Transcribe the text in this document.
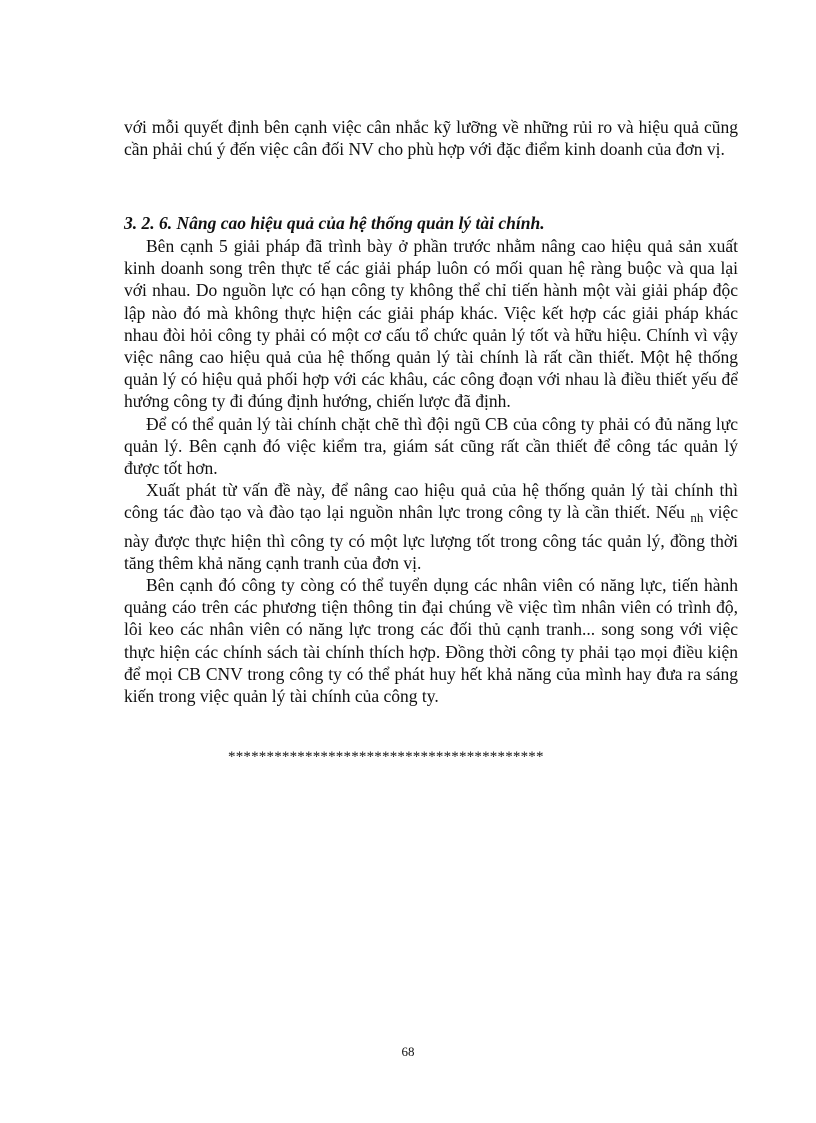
với mỗi quyết định bên cạnh việc cân nhắc kỹ lưỡng về những rủi ro và hiệu quả cũng cần phải chú ý đến việc cân đối NV cho phù hợp với đặc điểm kinh doanh của đơn vị.

3. 2. 6. Nâng cao hiệu quả của hệ thống quản lý tài chính.

Bên cạnh 5 giải pháp đã trình bày ở phần trước nhằm nâng cao hiệu quả sản xuất kinh doanh song trên thực tế các giải pháp luôn có mối quan hệ ràng buộc và qua lại với nhau. Do nguồn lực có hạn công ty không thể chỉ tiến hành một vài giải pháp độc lập nào đó mà không thực hiện các giải pháp khác. Việc kết hợp các giải pháp khác nhau đòi hỏi công ty phải có một cơ cấu tổ chức quản lý tốt và hữu hiệu. Chính vì vậy việc nâng cao hiệu quả của hệ thống quản lý tài chính là rất cần thiết. Một hệ thống quản lý có hiệu quả phối hợp với các khâu, các công đoạn với nhau là điều thiết yếu để hướng công ty đi đúng định hướng, chiến lược đã định.

Để có thể quản lý tài chính chặt chẽ thì đội ngũ CB của công ty phải có đủ năng lực quản lý. Bên cạnh đó việc kiểm tra, giám sát cũng rất cần thiết để công tác quản lý được tốt hơn.

Xuất phát từ vấn đề này, để nâng cao hiệu quả của hệ thống quản lý tài chính thì công tác đào tạo và đào tạo lại nguồn nhân lực trong công ty là cần thiết. Nếu $_{nh}$ việc này được thực hiện thì công ty có một lực lượng tốt trong công tác quản lý, đồng thời tăng thêm khả năng cạnh tranh của đơn vị.

Bên cạnh đó công ty còng có thể tuyển dụng các nhân viên có năng lực, tiến hành quảng cáo trên các phương tiện thông tin đại chúng về việc tìm nhân viên có trình độ, lôi keo các nhân viên có năng lực trong các đối thủ cạnh tranh... song song với việc thực hiện các chính sách tài chính thích hợp. Đồng thời công ty phải tạo mọi điều kiện để mọi CB CNV trong công ty có thể phát huy hết khả năng của mình hay đưa ra sáng kiến trong việc quản lý tài chính của công ty.

*****************************************
68
